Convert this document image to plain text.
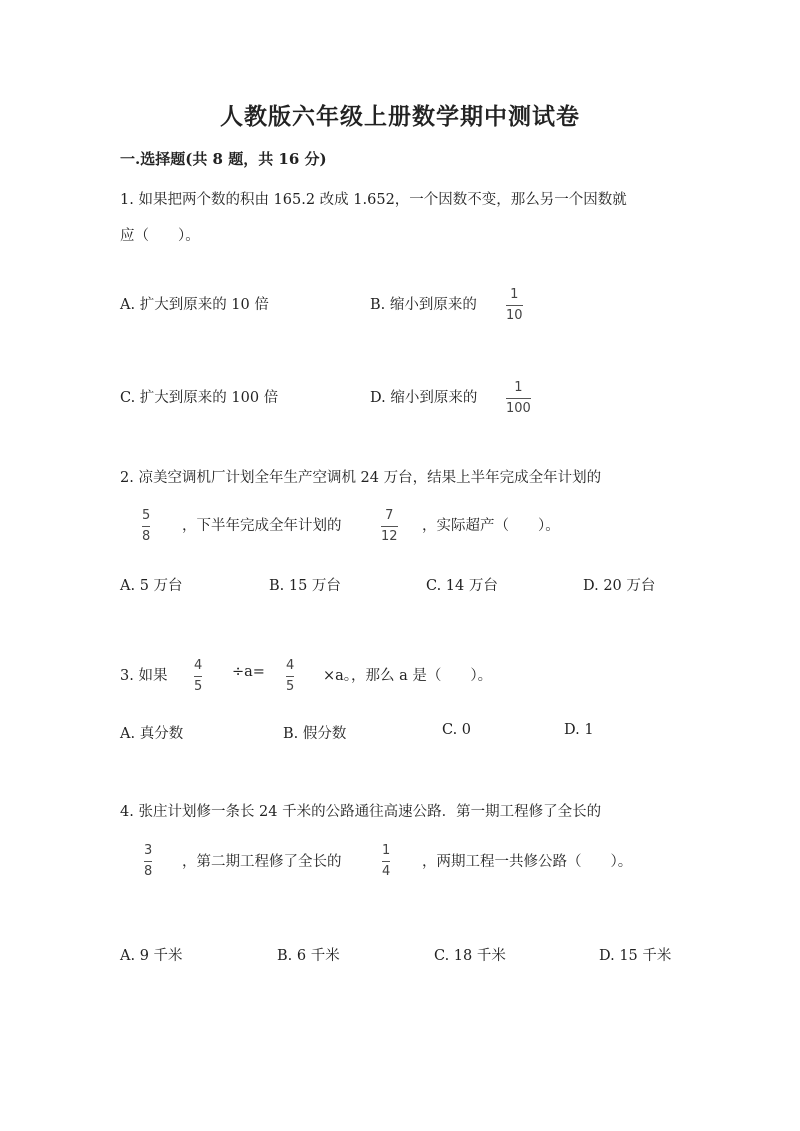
人教版六年级上册数学期中测试卷
一.选择题(共 8 题，共 16 分)
1. 如果把两个数的积由 165.2 改成 1.652，一个因数不变，那么另一个因数就
应（　　）。
A. 扩大到原来的 10 倍	B. 缩小到原来的
1
10
C. 扩大到原来的 100 倍	D. 缩小到原来的
1
100
2. 凉美空调机厂计划全年生产空调机 24 万台，结果上半年完成全年计划的
5
8
，下半年完成全年计划的
7
12
，实际超产（　　）。
A. 5 万台	B. 15 万台	C. 14 万台	D. 20 万台
3. 如果
4
5
÷a= 4
5
×a。，那么 a 是（　　）。
A. 真分数	B. 假分数	C. 0	D. 1
4. 张庄计划修一条长 24 千米的公路通往高速公路．第一期工程修了全长的
3
8
，第二期工程修了全长的
1
4
，两期工程一共修公路（　　）。
A. 9 千米	B. 6 千米	C. 18 千米	D. 15 千米
